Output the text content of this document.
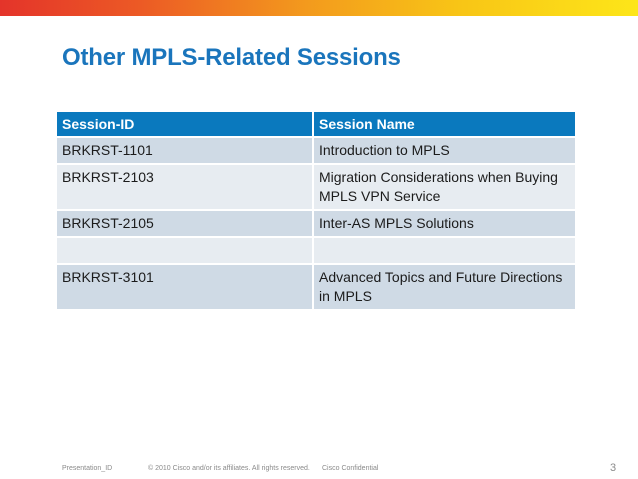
Other MPLS-Related Sessions
Session-ID	Session Name
BRKRST-1101	Introduction to MPLS
BRKRST-2103	Migration Considerations when Buying MPLS VPN Service
BRKRST-2105	Inter-AS MPLS Solutions

BRKRST-3101	Advanced Topics and Future Directions in MPLS
Presentation_ID	© 2010 Cisco and/or its affiliates. All rights reserved. Cisco Confidential	3
